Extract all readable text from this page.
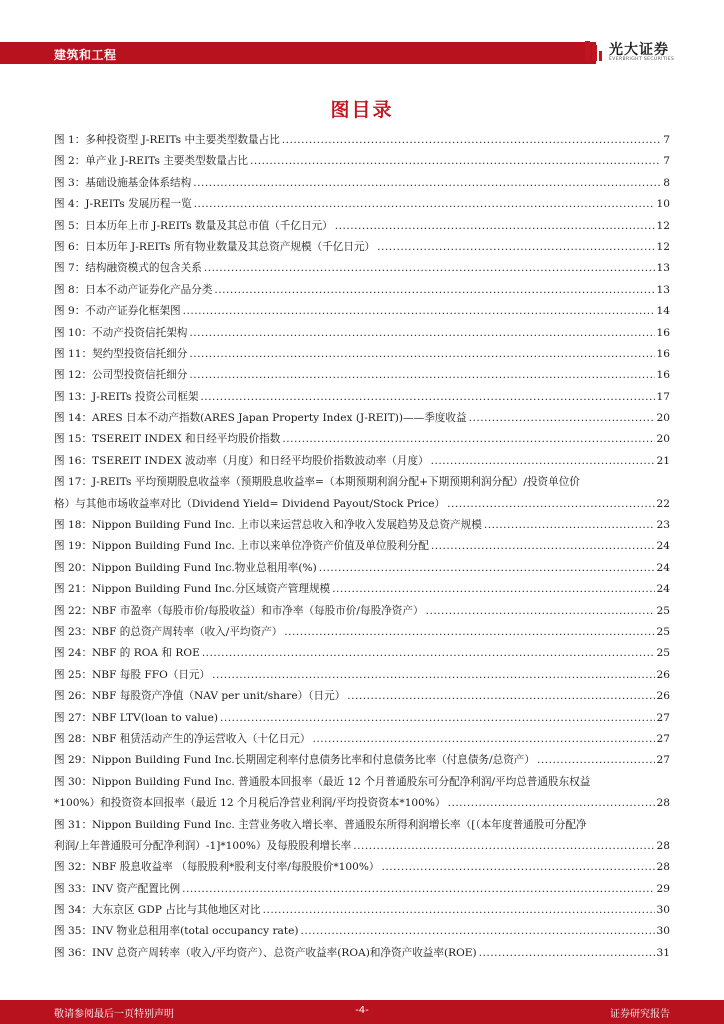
建筑和工程	光大证券
EVERBRIGHT SECURITIES
图目录
图 1：多种投资型 J-REITs 中主要类型数量占比 .....	7
图 2：单产业 J-REITs 主要类型数量占比 .....	7
图 3：基础设施基金体系结构 .....	8
图 4：J-REITs 发展历程一览 .....	10
图 5：日本历年上市 J-REITs 数量及其总市值（千亿日元） .....	12
图 6：日本历年 J-REITs 所有物业数量及其总资产规模（千亿日元） .....	12
图 7：结构融资模式的包含关系 .....	13
图 8：日本不动产证券化产品分类 .....	13
图 9：不动产证券化框架图 .....	14
图 10：不动产投资信托架构 .....	16
图 11：契约型投资信托细分 .....	16
图 12：公司型投资信托细分 .....	16
图 13：J-REITs 投资公司框架 .....	17
图 14：ARES 日本不动产指数(ARES Japan Property Index (J-REIT))——季度收益 .....	20
图 15：TSEREIT INDEX 和日经平均股价指数 .....	20
图 16：TSEREIT INDEX 波动率（月度）和日经平均股价指数波动率（月度） .....	21
图 17：J-REITs 平均预期股息收益率（预期股息收益率=（本期预期利润分配+下期预期利润分配）/投资单位价
格）与其他市场收益率对比（Dividend Yield= Dividend Payout/Stock Price） .....	22
图 18：Nippon Building Fund Inc. 上市以来运营总收入和净收入发展趋势及总资产规模 .....	23
图 19：Nippon Building Fund Inc. 上市以来单位净资产价值及单位股利分配 .....	24
图 20：Nippon Building Fund Inc.物业总租用率(%) .....	24
图 21：Nippon Building Fund Inc.分区域资产管理规模 .....	24
图 22：NBF 市盈率（每股市价/每股收益）和市净率（每股市价/每股净资产） .....	25
图 23：NBF 的总资产周转率（收入/平均资产） .....	25
图 24：NBF 的 ROA 和 ROE .....	25
图 25：NBF 每股 FFO（日元） .....	26
图 26：NBF 每股资产净值（NAV per unit/share）（日元） .....	26
图 27：NBF LTV(loan to value) .....	27
图 28：NBF 租赁活动产生的净运营收入（十亿日元） .....	27
图 29：Nippon Building Fund Inc.长期固定利率付息债务比率和付息债务比率（付息债务/总资产） .....	27
图 30：Nippon Building Fund Inc. 普通股本回报率（最近 12 个月普通股东可分配净利润/平均总普通股东权益
*100%）和投资资本回报率（最近 12 个月税后净营业利润/平均投资资本*100%） .....	28
图 31：Nippon Building Fund Inc. 主营业务收入增长率、普通股东所得利润增长率（[（本年度普通股可分配净
利润/上年普通股可分配净利润）-1]*100%）及每股股利增长率 .....	28
图 32：NBF 股息收益率 （每股股利*股利支付率/每股股价*100%） .....	28
图 33：INV 资产配置比例 .....	29
图 34：大东京区 GDP 占比与其他地区对比 .....	30
图 35：INV 物业总租用率(total occupancy rate) .....	30
图 36：INV 总资产周转率（收入/平均资产）、总资产收益率(ROA)和净资产收益率(ROE) .....	31
敬请参阅最后一页特别声明	-4-	证券研究报告
